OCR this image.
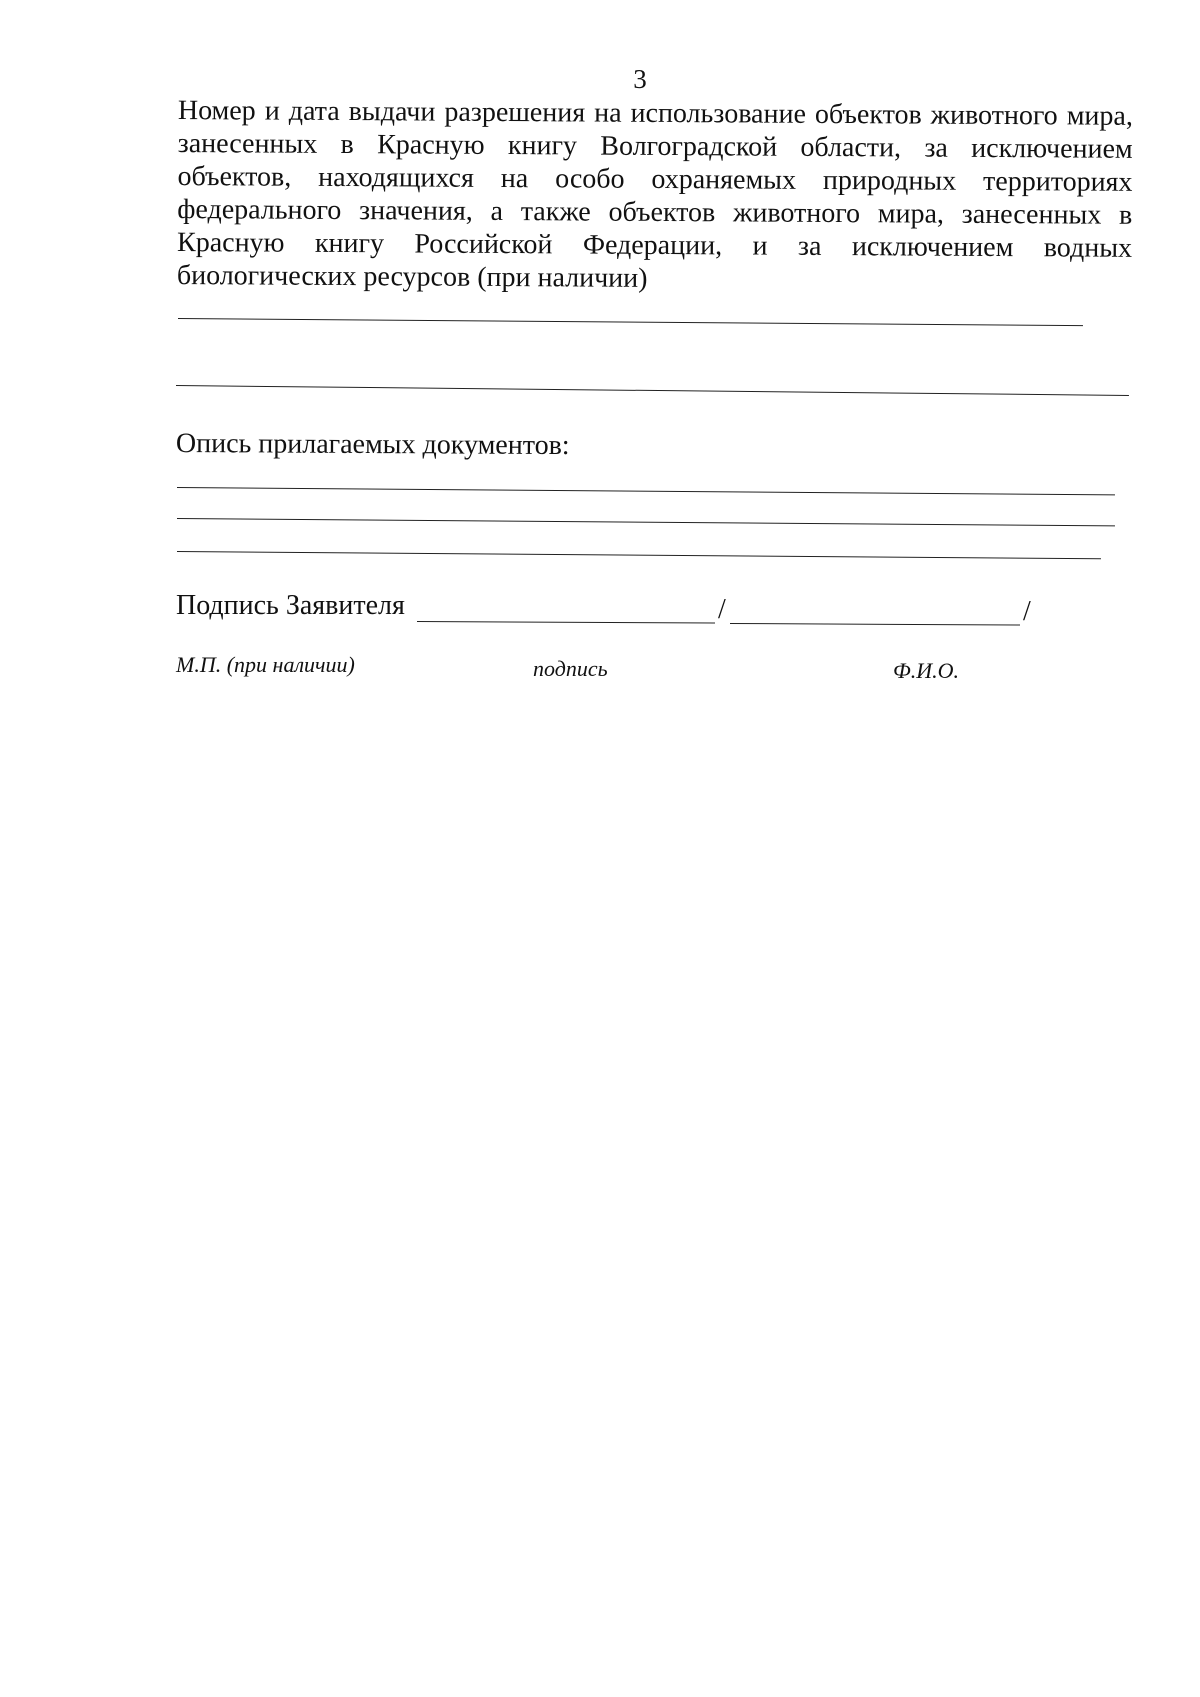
3
Номер и дата выдачи разрешения на использование объектов животного мира, занесенных в Красную книгу Волгоградской области, за исключением объектов, находящихся на особо охраняемых природных территориях федерального значения, а также объектов животного мира, занесенных в Красную книгу Российской Федерации, и за исключением водных биологических ресурсов (при наличии)
Опись прилагаемых документов:
Подпись Заявителя	/	/
М.П. (при наличии)	подпись	Ф.И.О.
